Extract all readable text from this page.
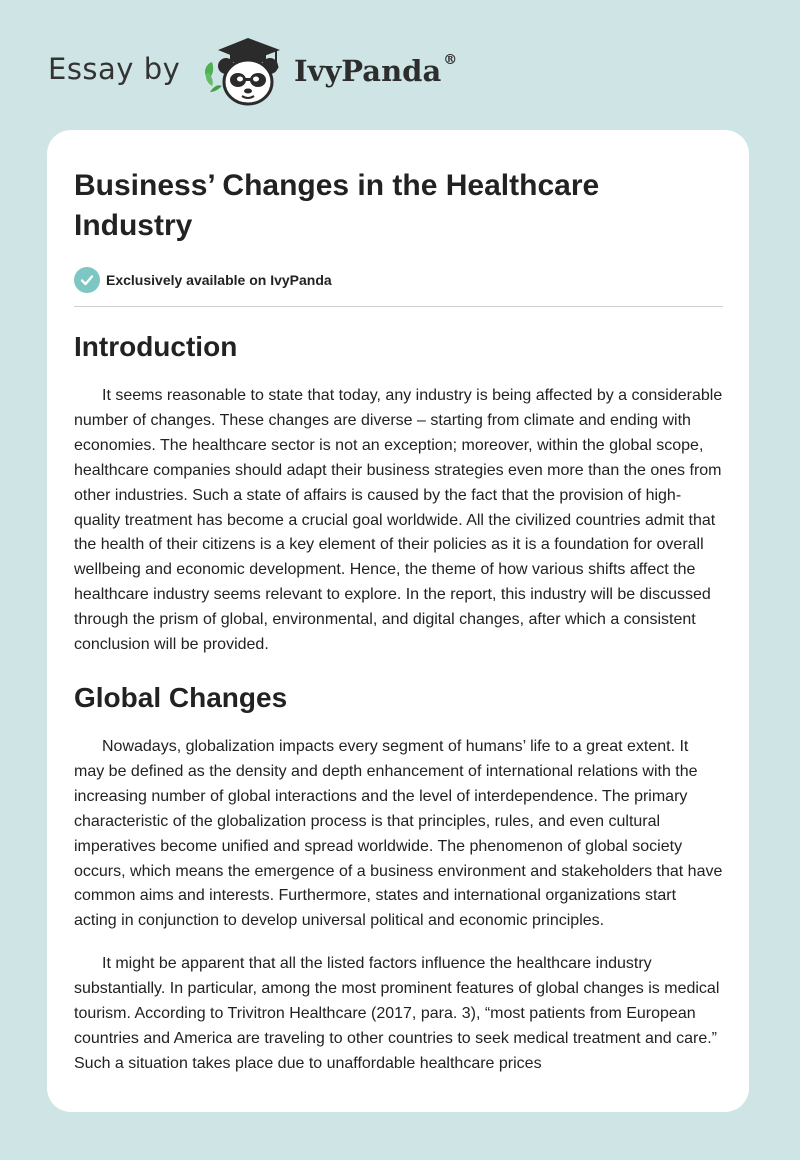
Essay by	IvyPanda ®
Business’ Changes in the Healthcare Industry
Exclusively available on IvyPanda
Introduction

It seems reasonable to state that today, any industry is being affected by a considerable number of changes. These changes are diverse – starting from climate and ending with economies. The healthcare sector is not an exception; moreover, within the global scope, healthcare companies should adapt their business strategies even more than the ones from other industries. Such a state of affairs is caused by the fact that the provision of high-quality treatment has become a crucial goal worldwide. All the civilized countries admit that the health of their citizens is a key element of their policies as it is a foundation for overall wellbeing and economic development. Hence, the theme of how various shifts affect the healthcare industry seems relevant to explore. In the report, this industry will be discussed through the prism of global, environmental, and digital changes, after which a consistent conclusion will be provided.

Global Changes

Nowadays, globalization impacts every segment of humans’ life to a great extent. It may be defined as the density and depth enhancement of international relations with the increasing number of global interactions and the level of interdependence. The primary characteristic of the globalization process is that principles, rules, and even cultural imperatives become unified and spread worldwide. The phenomenon of global society occurs, which means the emergence of a business environment and stakeholders that have common aims and interests. Furthermore, states and international organizations start acting in conjunction to develop universal political and economic principles.

It might be apparent that all the listed factors influence the healthcare industry substantially. In particular, among the most prominent features of global changes is medical tourism. According to Trivitron Healthcare (2017, para. 3), “most patients from European countries and America are traveling to other countries to seek medical treatment and care.” Such a situation takes place due to unaffordable healthcare prices
